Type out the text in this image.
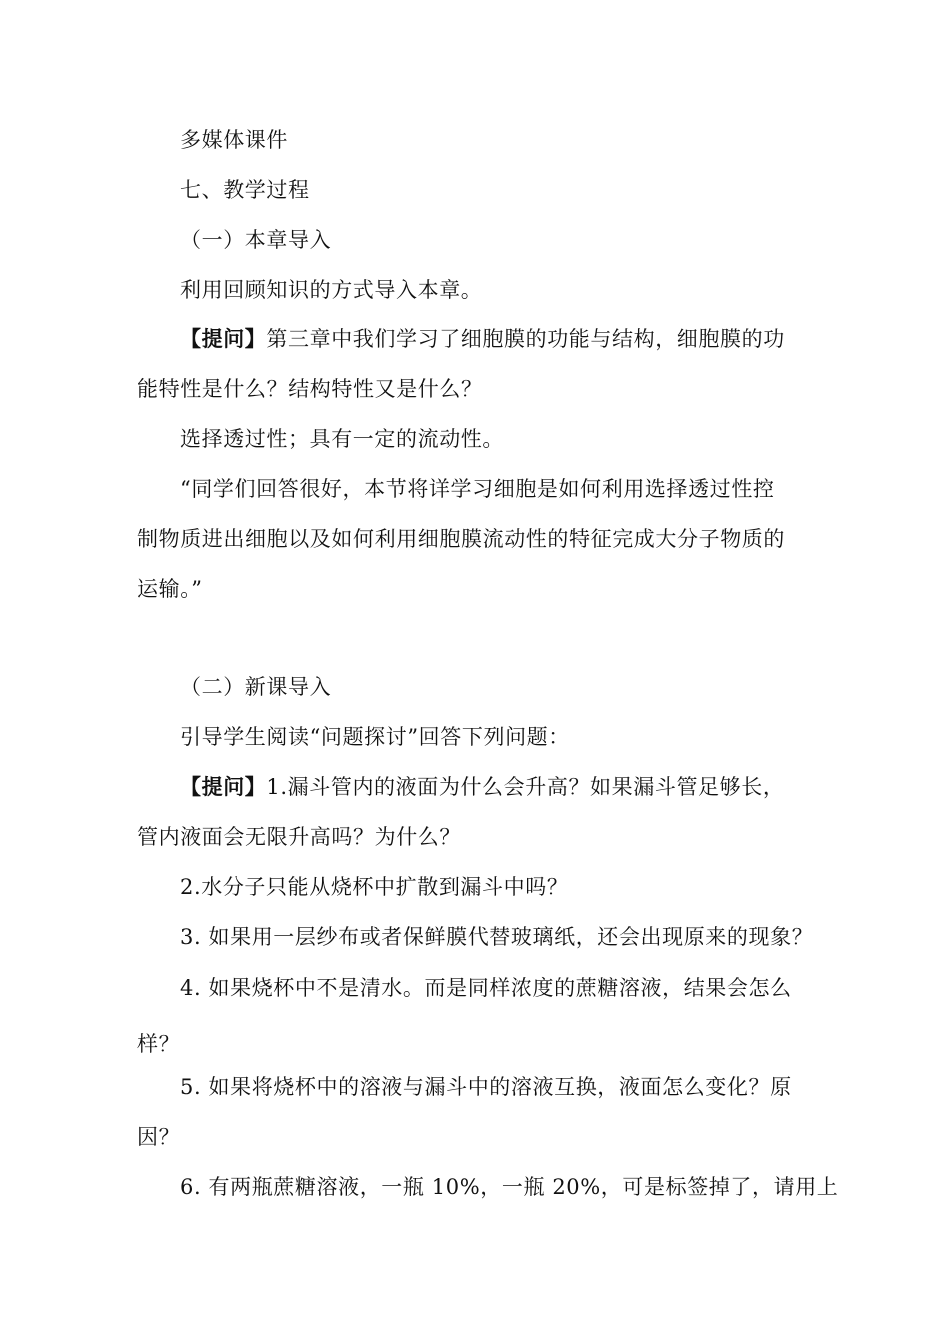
多媒体课件
七、教学过程
（一）本章导入
利用回顾知识的方式导入本章。
【提问】第三章中我们学习了细胞膜的功能与结构，细胞膜的功
能特性是什么？结构特性又是什么？
选择透过性；具有一定的流动性。
“同学们回答很好，本节将详学习细胞是如何利用选择透过性控
制物质进出细胞以及如何利用细胞膜流动性的特征完成大分子物质的
运输。”
（二）新课导入
引导学生阅读“问题探讨”回答下列问题：
【提问】1.漏斗管内的液面为什么会升高？如果漏斗管足够长，
管内液面会无限升高吗？为什么？
2.水分子只能从烧杯中扩散到漏斗中吗？
3. 如果用一层纱布或者保鲜膜代替玻璃纸，还会出现原来的现象？
4. 如果烧杯中不是清水。而是同样浓度的蔗糖溶液，结果会怎么
样？
5. 如果将烧杯中的溶液与漏斗中的溶液互换，液面怎么变化？原
因？
6. 有两瓶蔗糖溶液，一瓶 10%，一瓶 20%，可是标签掉了，请用上
